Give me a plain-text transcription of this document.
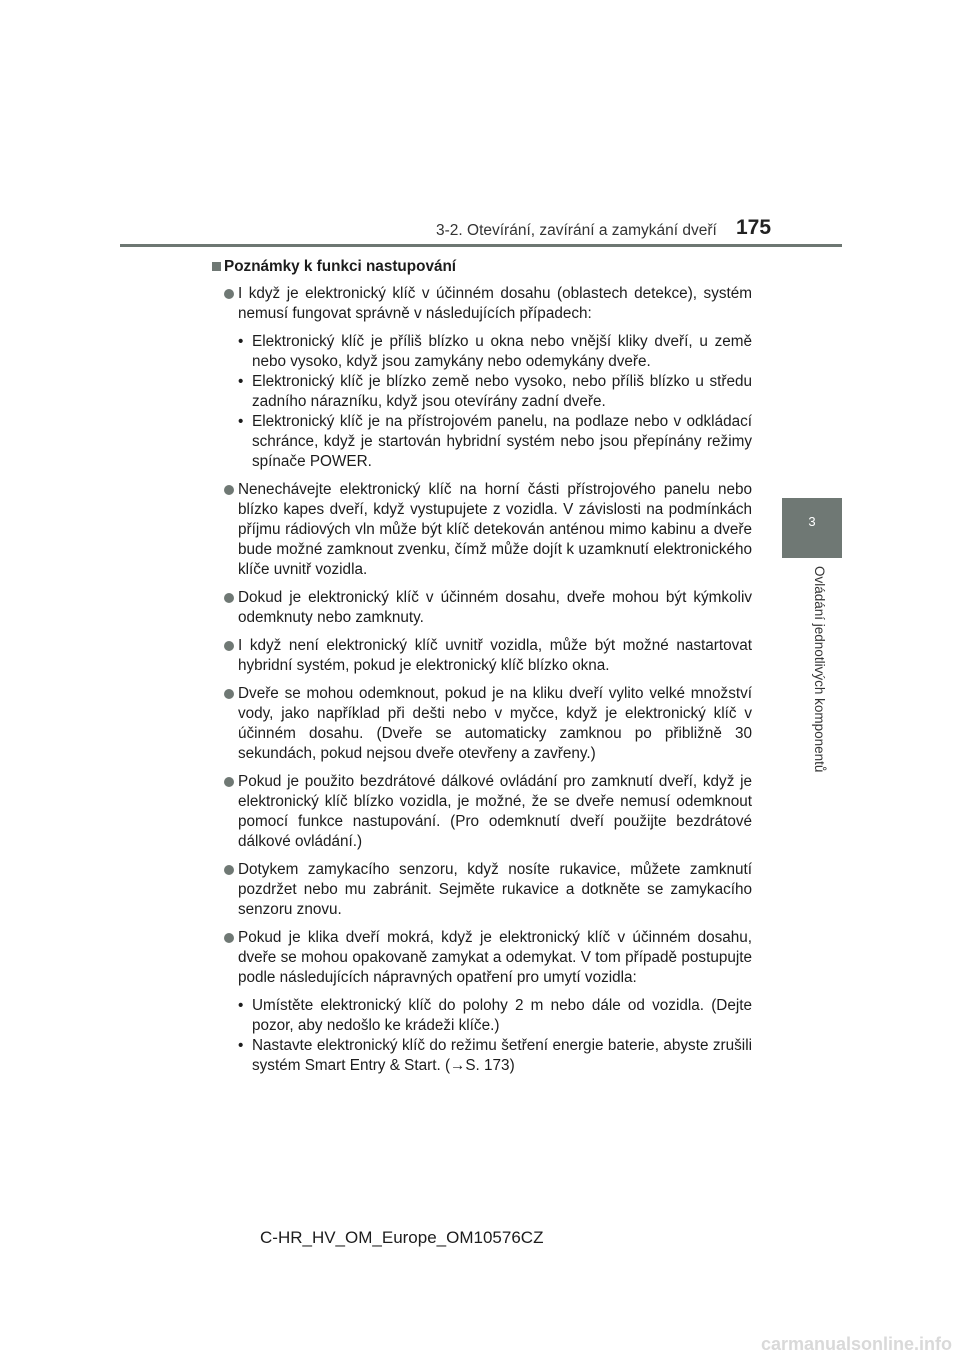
3-2. Otevírání, zavírání a zamykání dveří 175
3
Ovládání jednotlivých komponentů
Poznámky k funkci nastupování
I když je elektronický klíč v účinném dosahu (oblastech detekce), systém nemusí fungovat správně v následujících případech:
• Elektronický klíč je příliš blízko u okna nebo vnější kliky dveří, u země nebo vysoko, když jsou zamykány nebo odemykány dveře.
• Elektronický klíč je blízko země nebo vysoko, nebo příliš blízko u středu zadního nárazníku, když jsou otevírány zadní dveře.
• Elektronický klíč je na přístrojovém panelu, na podlaze nebo v odkládací schránce, když je startován hybridní systém nebo jsou přepínány režimy spínače POWER.
Nenechávejte elektronický klíč na horní části přístrojového panelu nebo blízko kapes dveří, když vystupujete z vozidla. V závislosti na podmínkách příjmu rádiových vln může být klíč detekován anténou mimo kabinu a dveře bude možné zamknout zvenku, čímž může dojít k uzamknutí elektronického klíče uvnitř vozidla.
Dokud je elektronický klíč v účinném dosahu, dveře mohou být kýmkoliv odemknuty nebo zamknuty.
I když není elektronický klíč uvnitř vozidla, může být možné nastartovat hybridní systém, pokud je elektronický klíč blízko okna.
Dveře se mohou odemknout, pokud je na kliku dveří vylito velké množství vody, jako například při dešti nebo v myčce, když je elektronický klíč v účinném dosahu. (Dveře se automaticky zamknou po přibližně 30 sekundách, pokud nejsou dveře otevřeny a zavřeny.)
Pokud je použito bezdrátové dálkové ovládání pro zamknutí dveří, když je elektronický klíč blízko vozidla, je možné, že se dveře nemusí odemknout pomocí funkce nastupování. (Pro odemknutí dveří použijte bezdrátové dálkové ovládání.)
Dotykem zamykacího senzoru, když nosíte rukavice, můžete zamknutí pozdržet nebo mu zabránit. Sejměte rukavice a dotkněte se zamykacího senzoru znovu.
Pokud je klika dveří mokrá, když je elektronický klíč v účinném dosahu, dveře se mohou opakovaně zamykat a odemykat. V tom případě postupujte podle následujících nápravných opatření pro umytí vozidla:
• Umístěte elektronický klíč do polohy 2 m nebo dále od vozidla. (Dejte pozor, aby nedošlo ke krádeži klíče.)
• Nastavte elektronický klíč do režimu šetření energie baterie, abyste zrušili systém Smart Entry & Start. (→S. 173)
C-HR_HV_OM_Europe_OM10576CZ
carmanualsonline.info
